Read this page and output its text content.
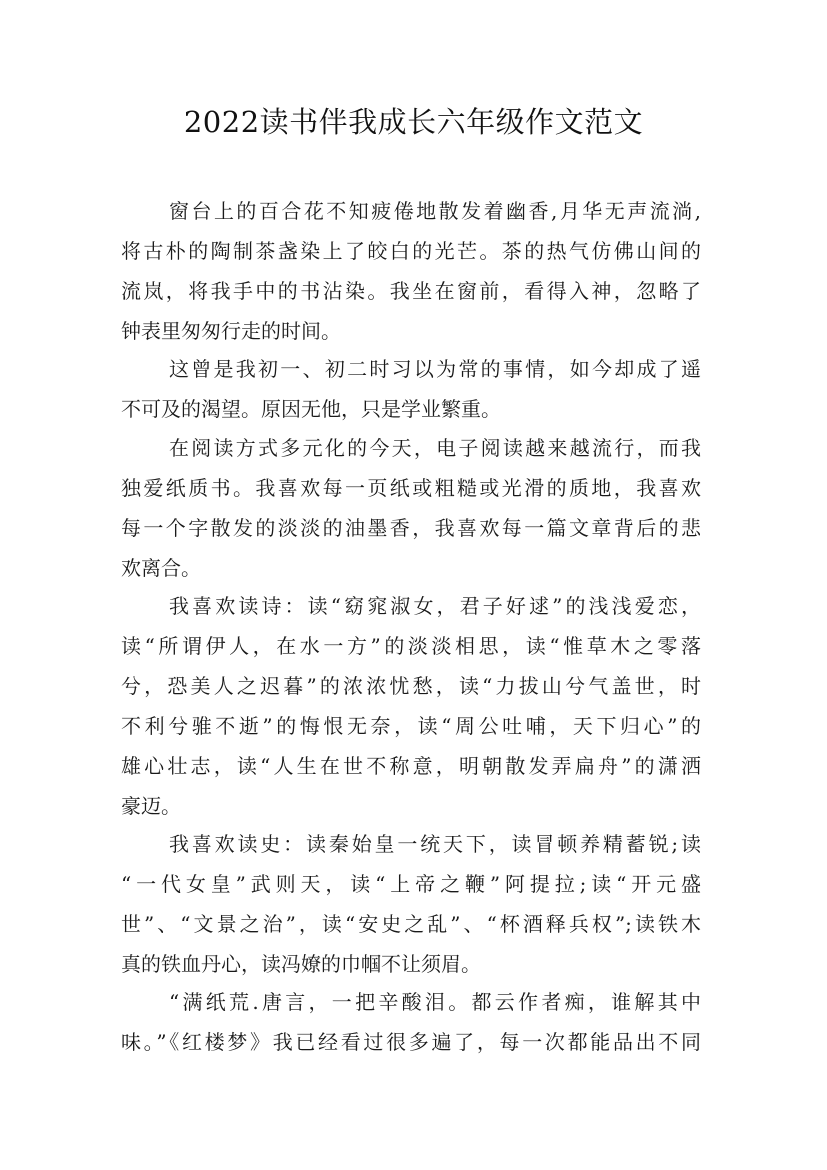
2022读书伴我成长六年级作文范文
窗台上的百合花不知疲倦地散发着幽香,月华无声流淌,
将古朴的陶制茶盏染上了皎白的光芒。茶的热气仿佛山间的
流岚，将我手中的书沾染。我坐在窗前，看得入神，忽略了
钟表里匆匆行走的时间。
这曾是我初一、初二时习以为常的事情，如今却成了遥
不可及的渴望。原因无他，只是学业繁重。
在阅读方式多元化的今天，电子阅读越来越流行，而我
独爱纸质书。我喜欢每一页纸或粗糙或光滑的质地，我喜欢
每一个字散发的淡淡的油墨香，我喜欢每一篇文章背后的悲
欢离合。
我喜欢读诗：读“窈窕淑女，君子好逑”的浅浅爱恋，
读“所谓伊人，在水一方”的淡淡相思，读“惟草木之零落
兮，恐美人之迟暮”的浓浓忧愁，读“力拔山兮气盖世，时
不利兮骓不逝”的悔恨无奈，读“周公吐哺，天下归心”的
雄心壮志，读“人生在世不称意，明朝散发弄扁舟”的潇洒
豪迈。
我喜欢读史：读秦始皇一统天下，读冒顿养精蓄锐;读
“一代女皇”武则天，读“上帝之鞭”阿提拉;读“开元盛
世”、“文景之治”，读“安史之乱”、“杯酒释兵权”;读铁木
真的铁血丹心，读冯嫽的巾帼不让须眉。
“满纸荒.唐言，一把辛酸泪。都云作者痴，谁解其中
味。”《红楼梦》我已经看过很多遍了，每一次都能品出不同
